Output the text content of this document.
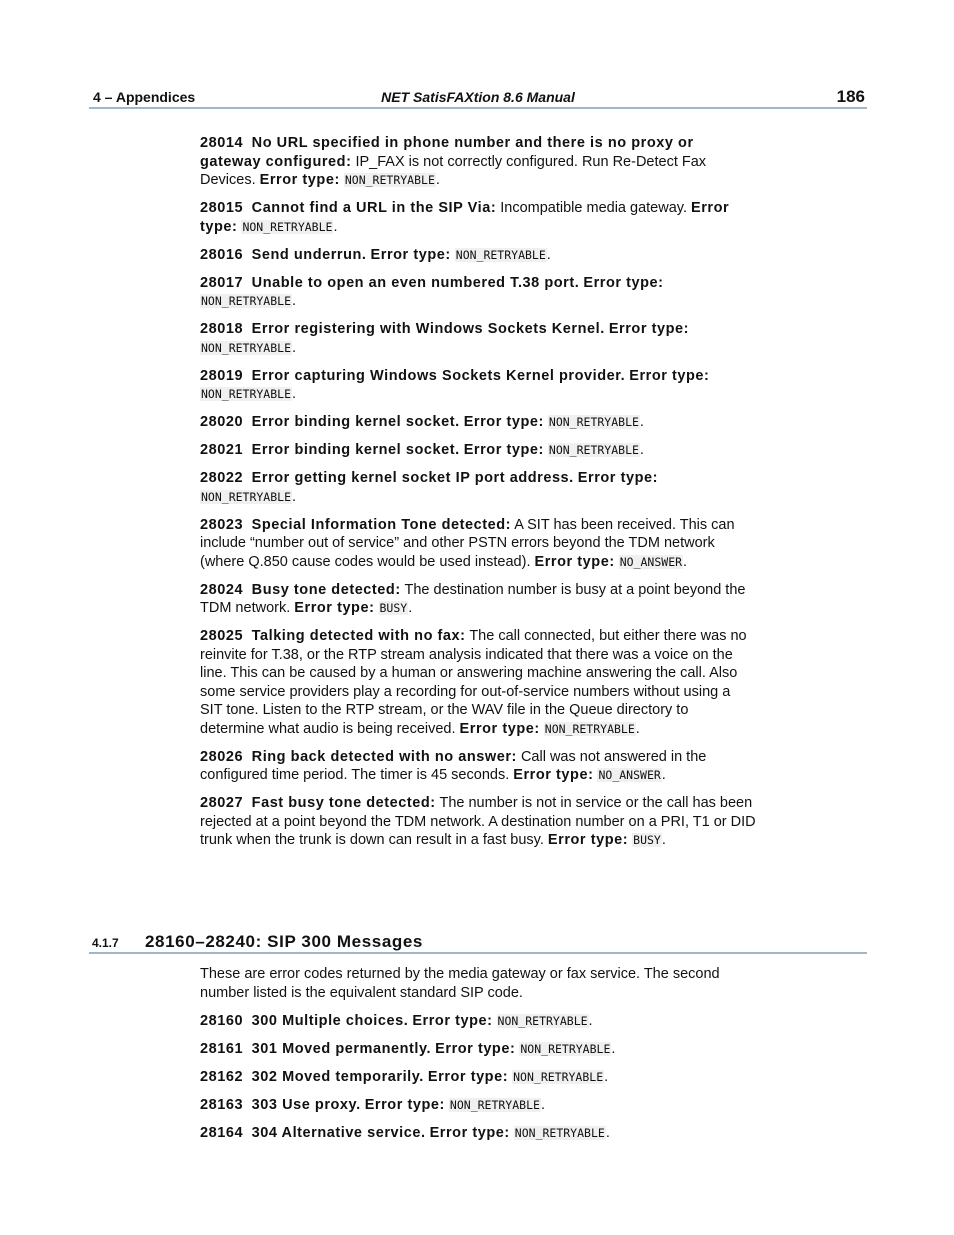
4 – Appendices	NET SatisFAXtion 8.6 Manual	186

28014 No URL specified in phone number and there is no proxy or gateway configured: IP_FAX is not correctly configured. Run Re-Detect Fax Devices. Error type: NON_RETRYABLE.

28015 Cannot find a URL in the SIP Via: Incompatible media gateway. Error type: NON_RETRYABLE.

28016 Send underrun. Error type: NON_RETRYABLE.

28017 Unable to open an even numbered T.38 port. Error type: NON_RETRYABLE.

28018 Error registering with Windows Sockets Kernel. Error type: NON_RETRYABLE.

28019 Error capturing Windows Sockets Kernel provider. Error type: NON_RETRYABLE.

28020 Error binding kernel socket. Error type: NON_RETRYABLE.

28021 Error binding kernel socket. Error type: NON_RETRYABLE.

28022 Error getting kernel socket IP port address. Error type: NON_RETRYABLE.

28023 Special Information Tone detected: A SIT has been received. This can include “number out of service” and other PSTN errors beyond the TDM network (where Q.850 cause codes would be used instead). Error type: NO_ANSWER.

28024 Busy tone detected: The destination number is busy at a point beyond the TDM network. Error type: BUSY.

28025 Talking detected with no fax: The call connected, but either there was no reinvite for T.38, or the RTP stream analysis indicated that there was a voice on the line. This can be caused by a human or answering machine answering the call. Also some service providers play a recording for out-of-service numbers without using a SIT tone. Listen to the RTP stream, or the WAV file in the Queue directory to determine what audio is being received. Error type: NON_RETRYABLE.

28026 Ring back detected with no answer: Call was not answered in the configured time period. The timer is 45 seconds. Error type: NO_ANSWER.

28027 Fast busy tone detected: The number is not in service or the call has been rejected at a point beyond the TDM network. A destination number on a PRI, T1 or DID trunk when the trunk is down can result in a fast busy. Error type: BUSY.

4.1.7 28160–28240: SIP 300 Messages

These are error codes returned by the media gateway or fax service. The second number listed is the equivalent standard SIP code.

28160 300 Multiple choices. Error type: NON_RETRYABLE.

28161 301 Moved permanently. Error type: NON_RETRYABLE.

28162 302 Moved temporarily. Error type: NON_RETRYABLE.

28163 303 Use proxy. Error type: NON_RETRYABLE.

28164 304 Alternative service. Error type: NON_RETRYABLE.
